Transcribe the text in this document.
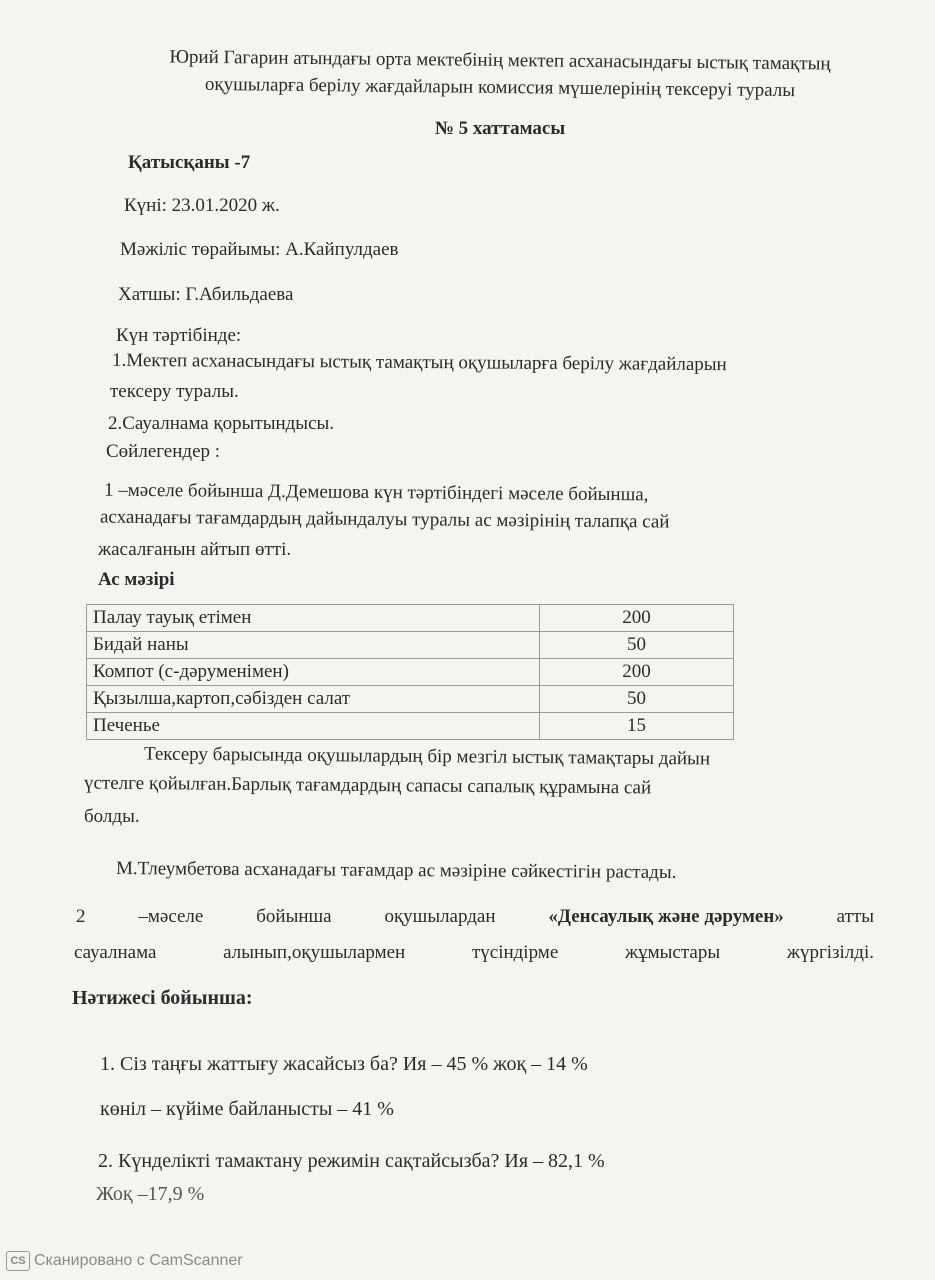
Юрий Гагарин атындағы орта мектебінің мектеп асханасындағы ыстық тамақтың
оқушыларға берілу жағдайларын комиссия мүшелерінің тексеруі туралы
№ 5 хаттамасы
Қатысқаны -7
Күні: 23.01.2020 ж.
Мәжіліс төрайымы: А.Кайпулдаев
Хатшы: Г.Абильдаева
Күн тәртібінде:
1.Мектеп асханасындағы ыстық тамақтың оқушыларға берілу жағдайларын
тексеру туралы.
2.Сауалнама қорытындысы.
Сөйлегендер :
1 –мәселе бойынша Д.Демешова күн тәртібіндегі мәселе бойынша,
асханадағы тағамдардың дайындалуы туралы ас мәзірінің талапқа сай
жасалғанын айтып өтті.
Ас мәзірі
Палау тауық етімен	200
Бидай наны	50
Компот (с-дәруменімен)	200
Қызылша,картоп,сәбізден салат	50
Печенье	15
Тексеру барысында оқушылардың бір мезгіл ыстық тамақтары дайын
үстелге қойылған.Барлық тағамдардың сапасы сапалық құрамына сай
болды.
М.Тлеумбетова асханадағы тағамдар ас мәзіріне сәйкестігін растады.
2	–мәселе	бойынша	оқушылардан	«Денсаулық және дәрумен»	атты
сауалнама	алынып,оқушылармен	түсіндірме	жұмыстары	жүргізілді.
Нәтижесі бойынша:
1. Сіз таңғы жаттығу жасайсыз ба? Ия – 45 % жоқ – 14 %
көніл – күйіме байланысты – 41 %
2. Күнделікті тамактану режимін сақтайсызба? Ия – 82,1 %
Жоқ –17,9 %
CS Сканировано с CamScanner
